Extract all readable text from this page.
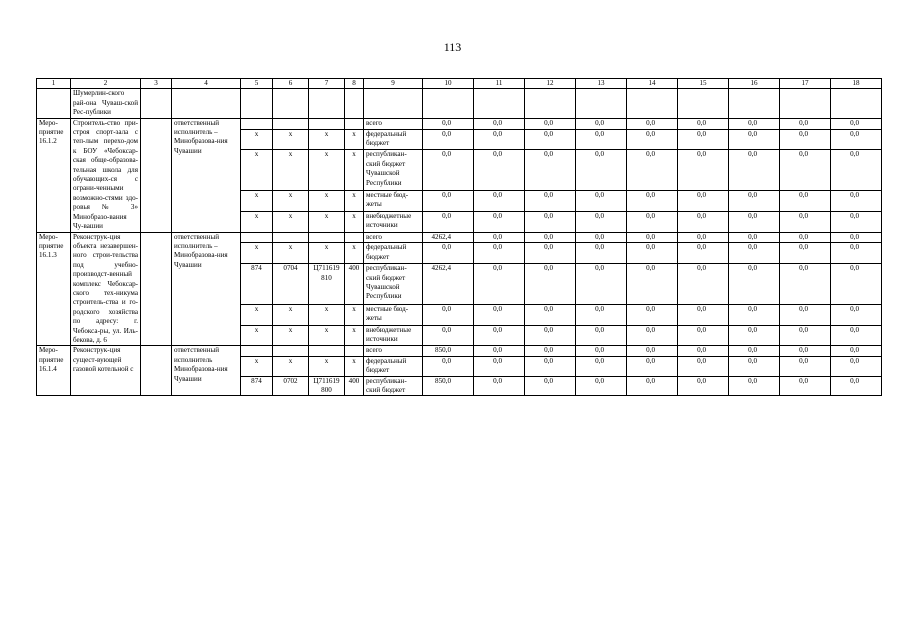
113
1	2	3	4	5	6	7	8	9	10	11	12	13	14	15	16	17	18
	Шумерлин-ского рай-она Чуваш-ской Рес-публики																
Меро-приятие 16.1.2	Строитель-ство при-строя спорт-зала с теп-лым перехо-дом к БОУ «Чебоксар-ская обще-образова-тельная школа для обучающих-ся с ограни-ченными возможно-стями здо-ровья № 3» Минобразо-вания Чу-вашии		ответственный исполнитель – Минобразова-ния Чувашии					всего	0,0	0,0	0,0	0,0	0,0	0,0	0,0	0,0	0,0
				x	x	x	x	федеральный бюджет	0,0	0,0	0,0	0,0	0,0	0,0	0,0	0,0	0,0
				x	x	x	x	республикан-ский бюджет Чувашской Республики	0,0	0,0	0,0	0,0	0,0	0,0	0,0	0,0	0,0
				x	x	x	x	местные бюд-жеты	0,0	0,0	0,0	0,0	0,0	0,0	0,0	0,0	0,0
				x	x	x	x	внебюджетные источники	0,0	0,0	0,0	0,0	0,0	0,0	0,0	0,0	0,0
Меро-приятие 16.1.3	Реконструк-ция объекта незавершен-ного строи-тельства под учебно-производст-венный комплекс Чебоксар-ского тех-никума строитель-ства и го-родского хозяйства по адресу: г. Чебокса-ры, ул. Иль-бекова, д. 6		ответственный исполнитель – Минобразова-ния Чувашии					всего	4262,4	0,0	0,0	0,0	0,0	0,0	0,0	0,0	0,0
				x	x	x	x	федеральный бюджет	0,0	0,0	0,0	0,0	0,0	0,0	0,0	0,0	0,0
				874	0704	Ц711619 810	400	республикан-ский бюджет Чувашской Республики	4262,4	0,0	0,0	0,0	0,0	0,0	0,0	0,0	0,0
				x	x	x	x	местные бюд-жеты	0,0	0,0	0,0	0,0	0,0	0,0	0,0	0,0	0,0
				x	x	x	x	внебюджетные источники	0,0	0,0	0,0	0,0	0,0	0,0	0,0	0,0	0,0
Меро-приятие 16.1.4	Реконструк-ция сущест-вующей газовой котельной с		ответственный исполнитель Минобразова-ния Чувашии					всего	850,0	0,0	0,0	0,0	0,0	0,0	0,0	0,0	0,0
				x	x	x	x	федеральный бюджет	0,0	0,0	0,0	0,0	0,0	0,0	0,0	0,0	0,0
				874	0702	Ц711619 800	400	республикан-ский бюджет	850,0	0,0	0,0	0,0	0,0	0,0	0,0	0,0	0,0
